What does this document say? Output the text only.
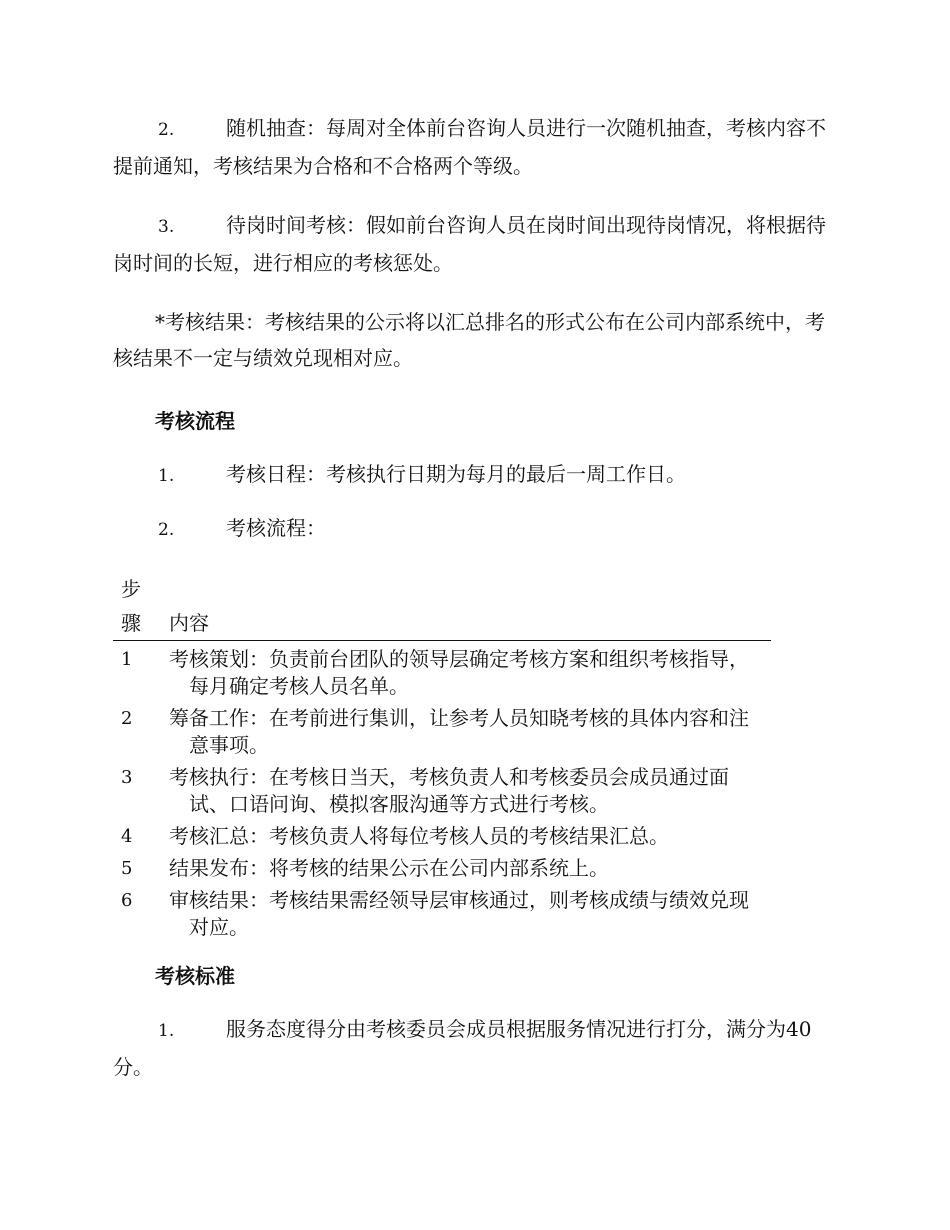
2.	随机抽查：每周对全体前台咨询人员进行一次随机抽查，考核内容不提前通知，考核结果为合格和不合格两个等级。

3.	待岗时间考核：假如前台咨询人员在岗时间出现待岗情况，将根据待岗时间的长短，进行相应的考核惩处。

*考核结果：考核结果的公示将以汇总排名的形式公布在公司内部系统中，考核结果不一定与绩效兑现相对应。

考核流程

1.	考核日程：考核执行日期为每月的最后一周工作日。

2.	考核流程：

步骤	内容
1	考核策划：负责前台团队的领导层确定考核方案和组织考核指导，每月确定考核人员名单。

2	筹备工作：在考前进行集训，让参考人员知晓考核的具体内容和注意事项。

3	考核执行：在考核日当天，考核负责人和考核委员会成员通过面试、口语问询、模拟客服沟通等方式进行考核。

4	考核汇总：考核负责人将每位考核人员的考核结果汇总。

5	结果发布：将考核的结果公示在公司内部系统上。

6	审核结果：考核结果需经领导层审核通过，则考核成绩与绩效兑现对应。
考核标准

1.	服务态度得分由考核委员会成员根据服务情况进行打分，满分为40分。
